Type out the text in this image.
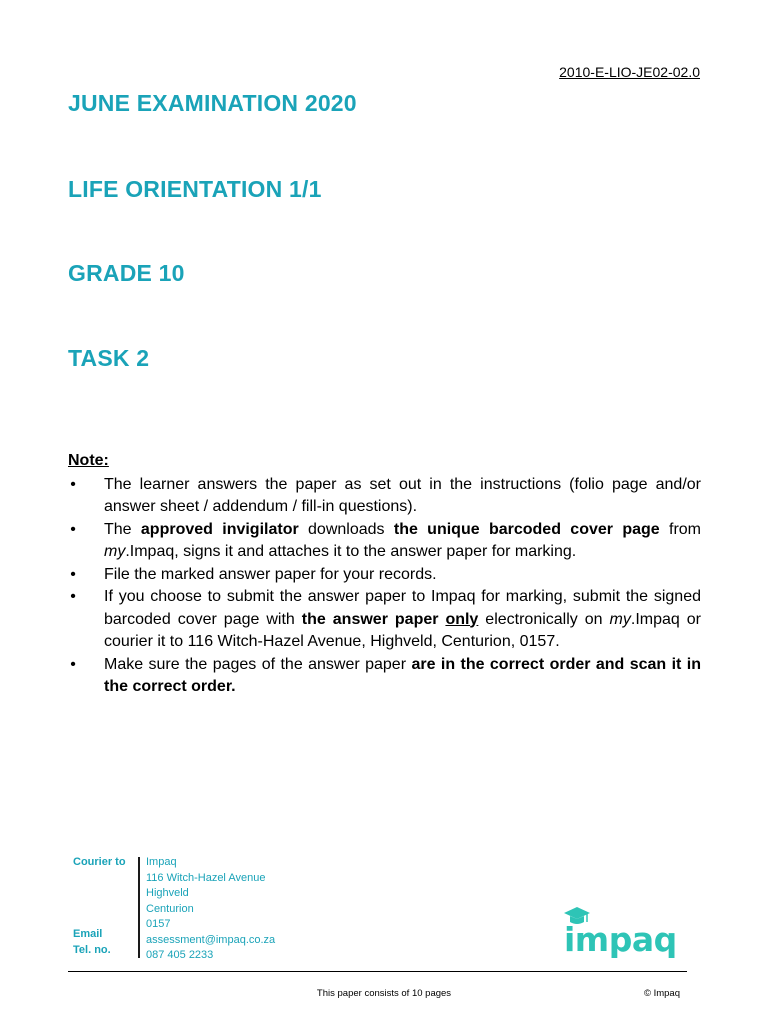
2010-E-LIO-JE02-02.0
JUNE EXAMINATION 2020
LIFE ORIENTATION 1/1
GRADE 10
TASK 2

Note:

• The learner answers the paper as set out in the instructions (folio page and/or answer sheet / addendum / fill-in questions).
• The approved invigilator downloads the unique barcoded cover page from my.Impaq, signs it and attaches it to the answer paper for marking.
• File the marked answer paper for your records.
• If you choose to submit the answer paper to Impaq for marking, submit the signed barcoded cover page with the answer paper only electronically on my.Impaq or courier it to 116 Witch-Hazel Avenue, Highveld, Centurion, 0157.
• Make sure the pages of the answer paper are in the correct order and scan it in the correct order.
Courier to
Email
Tel. no.
Impaq
116 Witch-Hazel Avenue
Highveld
Centurion
0157
assessment@impaq.co.za
087 405 2233	impaq
This paper consists of 10 pages	© Impaq
